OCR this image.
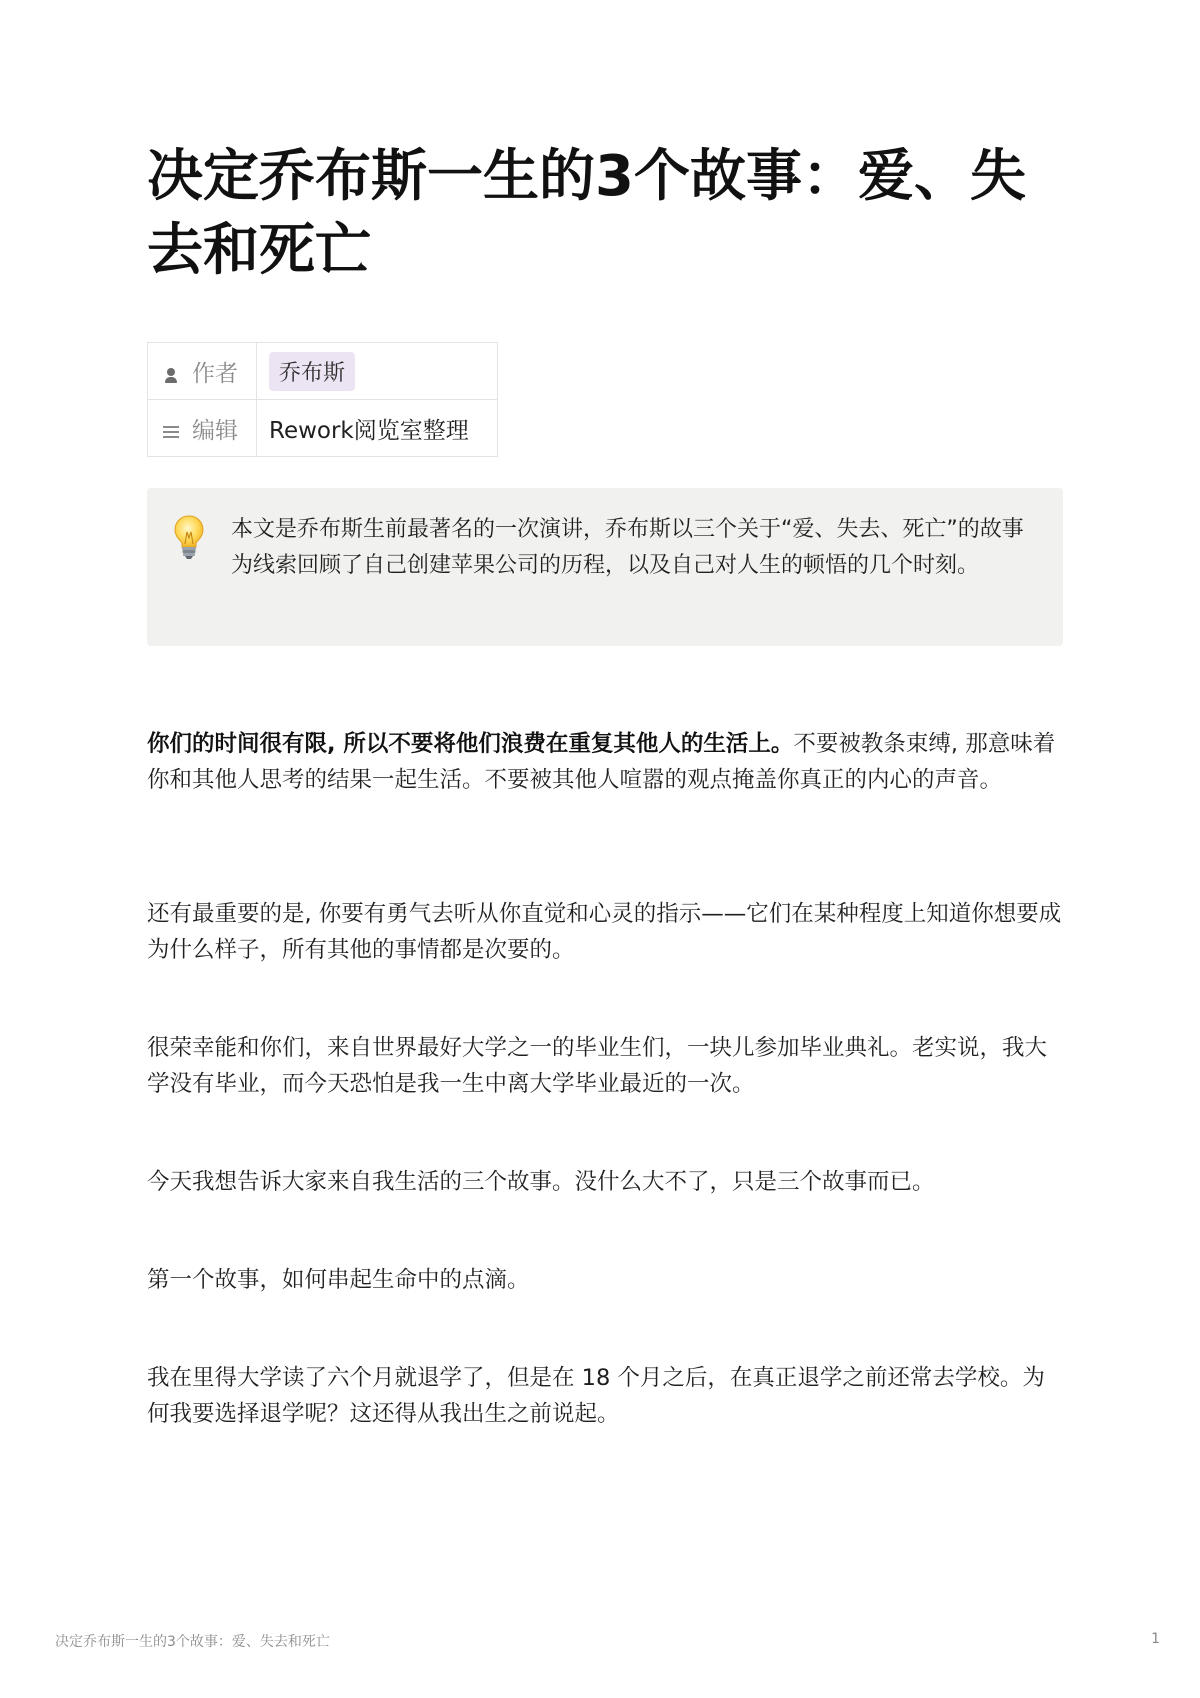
决定乔布斯一生的3个故事：爱、失去和死亡
作者	乔布斯

编辑	Rework阅览室整理

本文是乔布斯生前最著名的一次演讲，乔布斯以三个关于“爱、失去、死亡”的故事为线索回顾了自己创建苹果公司的历程，以及自己对人生的顿悟的几个时刻。

你们的时间很有限, 所以不要将他们浪费在重复其他人的生活上。不要被教条束缚, 那意味着你和其他人思考的结果一起生活。不要被其他人喧嚣的观点掩盖你真正的内心的声音。

还有最重要的是, 你要有勇气去听从你直觉和心灵的指示——它们在某种程度上知道你想要成为什么样子，所有其他的事情都是次要的。

很荣幸能和你们，来自世界最好大学之一的毕业生们，一块儿参加毕业典礼。老实说，我大学没有毕业，而今天恐怕是我一生中离大学毕业最近的一次。

今天我想告诉大家来自我生活的三个故事。没什么大不了，只是三个故事而已。

第一个故事，如何串起生命中的点滴。

我在里得大学读了六个月就退学了，但是在 18 个月之后，在真正退学之前还常去学校。为何我要选择退学呢？这还得从我出生之前说起。

决定乔布斯一生的3个故事：爱、失去和死亡	1
